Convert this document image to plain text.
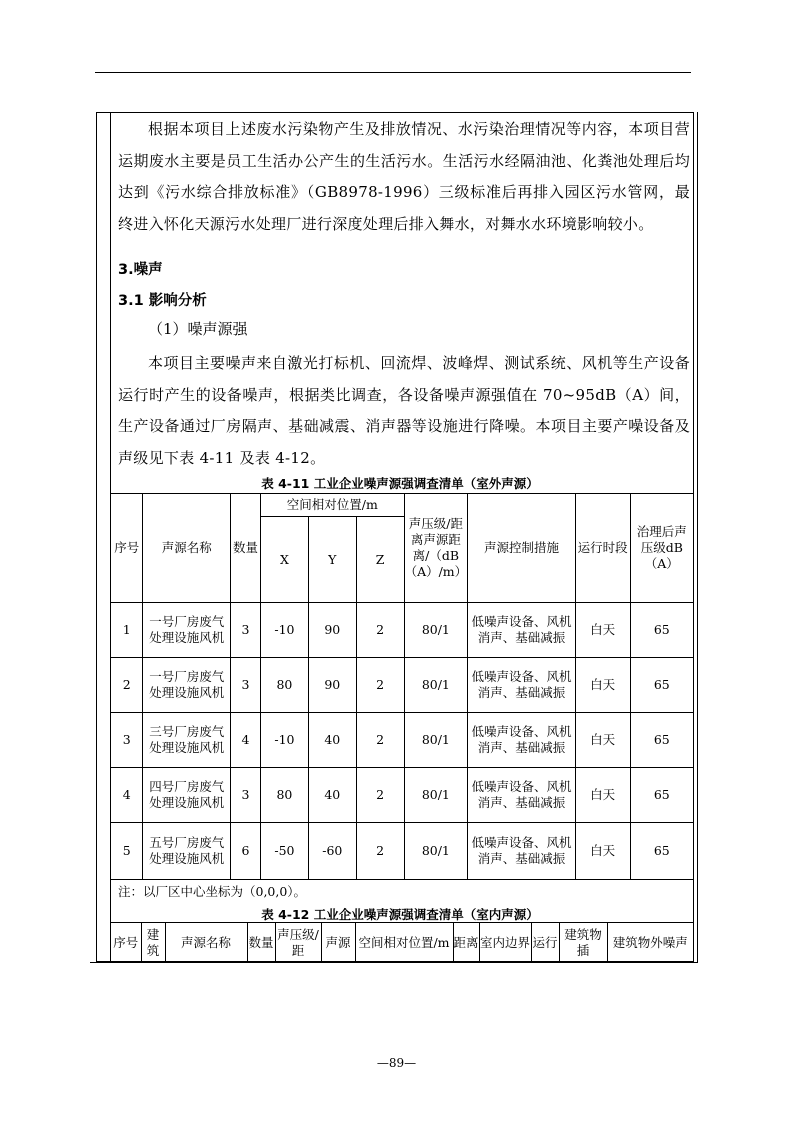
根据本项目上述废水污染物产生及排放情况、水污染治理情况等内容，本项目营运期废水主要是员工生活办公产生的生活污水。生活污水经隔油池、化粪池处理后均达到《污水综合排放标准》（GB8978-1996）三级标准后再排入园区污水管网，最终进入怀化天源污水处理厂进行深度处理后排入舞水，对舞水水环境影响较小。
3.噪声
3.1 影响分析
（1）噪声源强
本项目主要噪声来自激光打标机、回流焊、波峰焊、测试系统、风机等生产设备运行时产生的设备噪声，根据类比调查，各设备噪声源强值在 70~95dB（A）间，生产设备通过厂房隔声、基础减震、消声器等设施进行降噪。本项目主要产噪设备及声级见下表 4-11 及表 4-12。
表 4-11 工业企业噪声源强调查清单（室外声源）
序号	声源名称	数量	空间相对位置/m			声压级/距离声源距离/（dB（A）/m）	声源控制措施	运行时段	治理后声压级dB（A）
			X	Y	Z				
1	一号厂房废气处理设施风机	3	-10	90	2	80/1	低噪声设备、风机消声、基础减振	白天	65
2	一号厂房废气处理设施风机	3	80	90	2	80/1	低噪声设备、风机消声、基础减振	白天	65
3	三号厂房废气处理设施风机	4	-10	40	2	80/1	低噪声设备、风机消声、基础减振	白天	65
4	四号厂房废气处理设施风机	3	80	40	2	80/1	低噪声设备、风机消声、基础减振	白天	65
5	五号厂房废气处理设施风机	6	-50	-60	2	80/1	低噪声设备、风机消声、基础减振	白天	65
注：以厂区中心坐标为（0,0,0）。
表 4-12 工业企业噪声源强调查清单（室内声源）
序号	建筑	声源名称	数量	声压级/距	声源	空间相对位置/m	距离	室内边界	运行	建筑物插	建筑物外噪声
—89—
